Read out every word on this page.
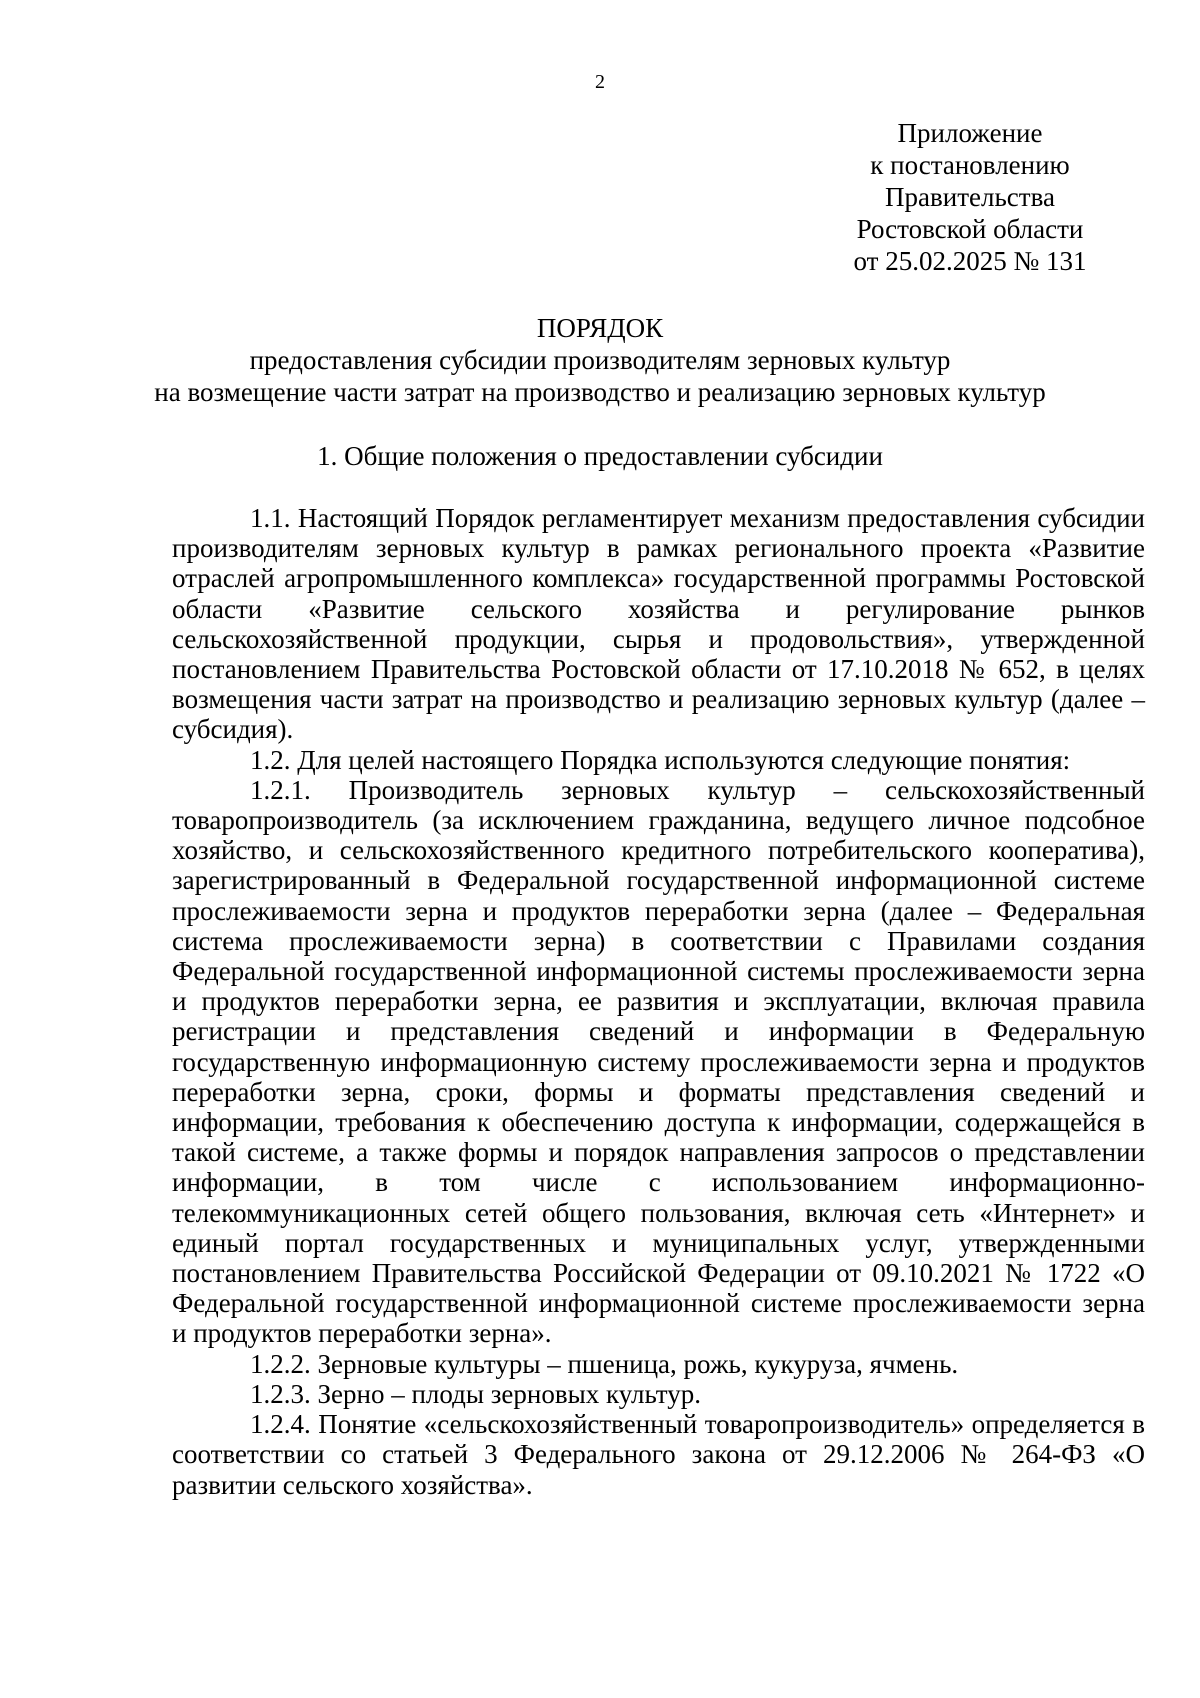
2
Приложение
к постановлению
Правительства
Ростовской области
от 25.02.2025 № 131
ПОРЯДОК
предоставления субсидии производителям зерновых культур
на возмещение части затрат на производство и реализацию зерновых культур
1. Общие положения о предоставлении субсидии

1.1. Настоящий Порядок регламентирует механизм предоставления субсидии производителям зерновых культур в рамках регионального проекта «Развитие отраслей агропромышленного комплекса» государственной программы Ростовской области «Развитие сельского хозяйства и регулирование рынков сельскохозяйственной продукции, сырья и продовольствия», утвержденной постановлением Правительства Ростовской области от 17.10.2018 № 652, в целях возмещения части затрат на производство и реализацию зерновых культур (далее – субсидия).

1.2. Для целей настоящего Порядка используются следующие понятия:

1.2.1. Производитель зерновых культур – сельскохозяйственный товаропроизводитель (за исключением гражданина, ведущего личное подсобное хозяйство, и сельскохозяйственного кредитного потребительского кооператива), зарегистрированный в Федеральной государственной информационной системе прослеживаемости зерна и продуктов переработки зерна (далее – Федеральная система прослеживаемости зерна) в соответствии с Правилами создания Федеральной государственной информационной системы прослеживаемости зерна и продуктов переработки зерна, ее развития и эксплуатации, включая правила регистрации и представления сведений и информации в Федеральную государственную информационную систему прослеживаемости зерна и продуктов переработки зерна, сроки, формы и форматы представления сведений и информации, требования к обеспечению доступа к информации, содержащейся в такой системе, а также формы и порядок направления запросов о представлении информации, в том числе с использованием информационно-телекоммуникационных сетей общего пользования, включая сеть «Интернет» и единый портал государственных и муниципальных услуг, утвержденными постановлением Правительства Российской Федерации от 09.10.2021 № 1722 «О Федеральной государственной информационной системе прослеживаемости зерна и продуктов переработки зерна».

1.2.2. Зерновые культуры – пшеница, рожь, кукуруза, ячмень.

1.2.3. Зерно – плоды зерновых культур.

1.2.4. Понятие «сельскохозяйственный товаропроизводитель» определяется в соответствии со статьей 3 Федерального закона от 29.12.2006 № 264-ФЗ «О развитии сельского хозяйства».
